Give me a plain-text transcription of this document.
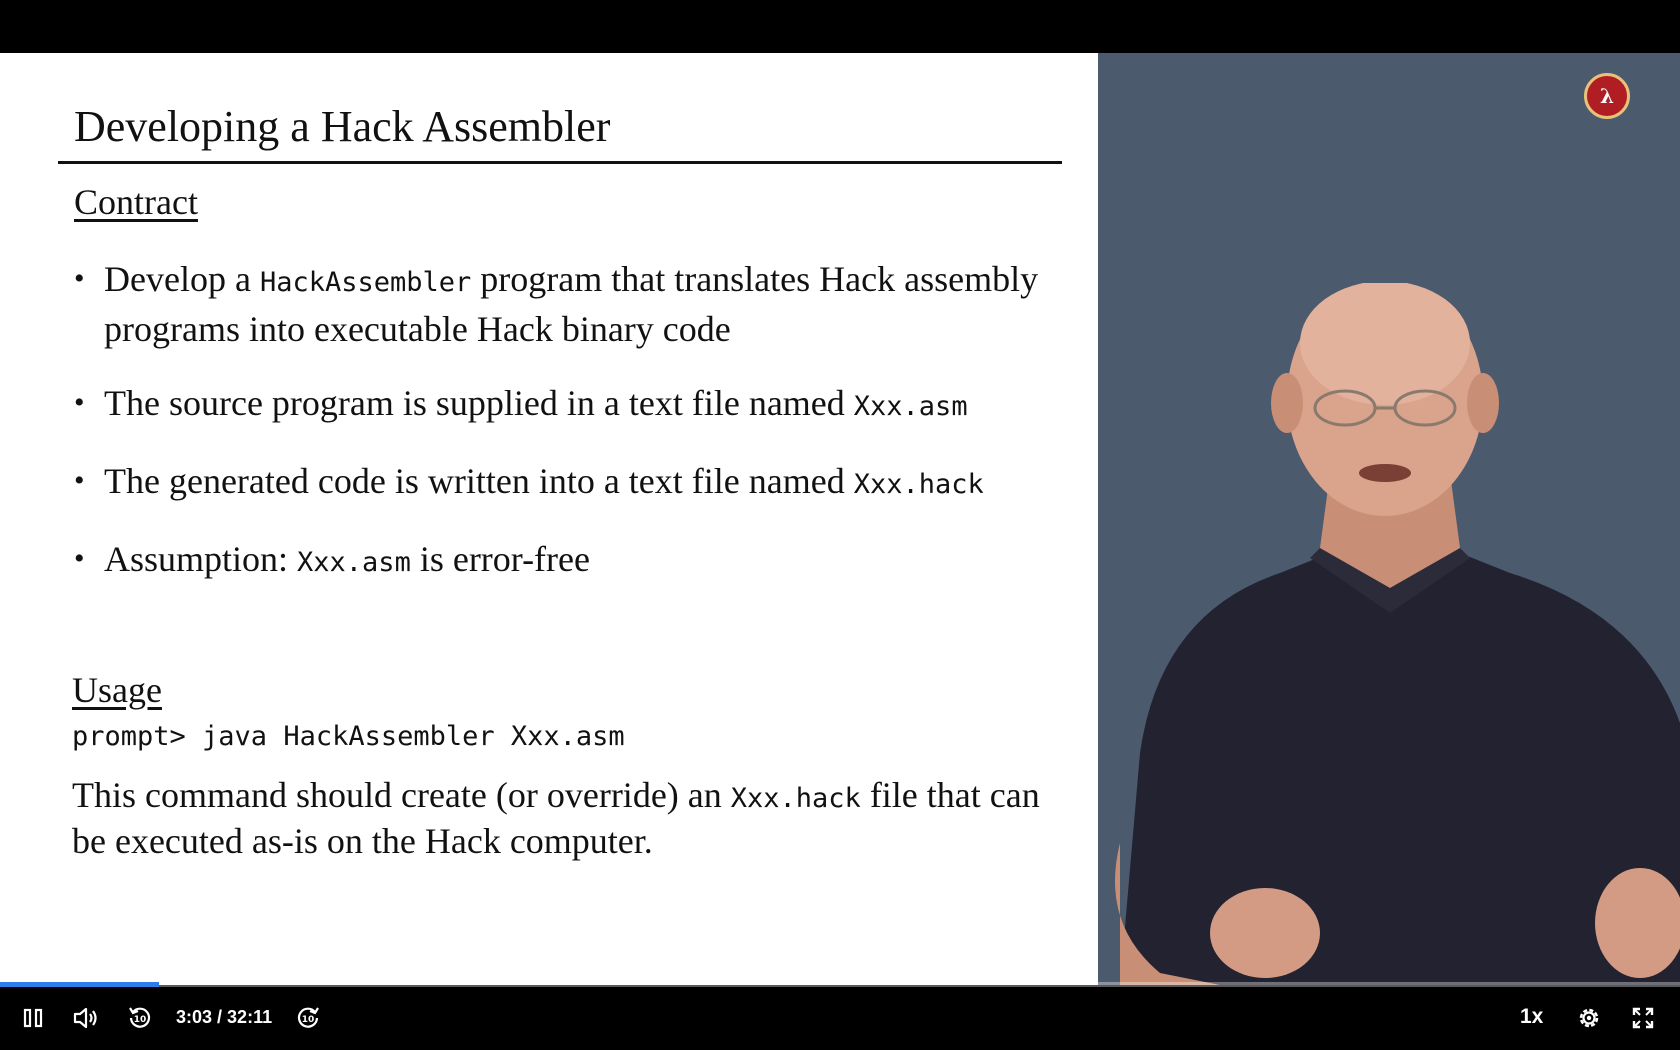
Developing a Hack Assembler
Contract
• Develop a HackAssembler program that translates Hack assembly programs into executable Hack binary code
• The source program is supplied in a text file named Xxx.asm
• The generated code is written into a text file named Xxx.hack
• Assumption: Xxx.asm is error-free
Usage
prompt> java HackAssembler Xxx.asm
This command should create (or override) an Xxx.hack file that can be executed as-is on the Hack computer.
λ
10 3:03 / 32:11	10	1x
